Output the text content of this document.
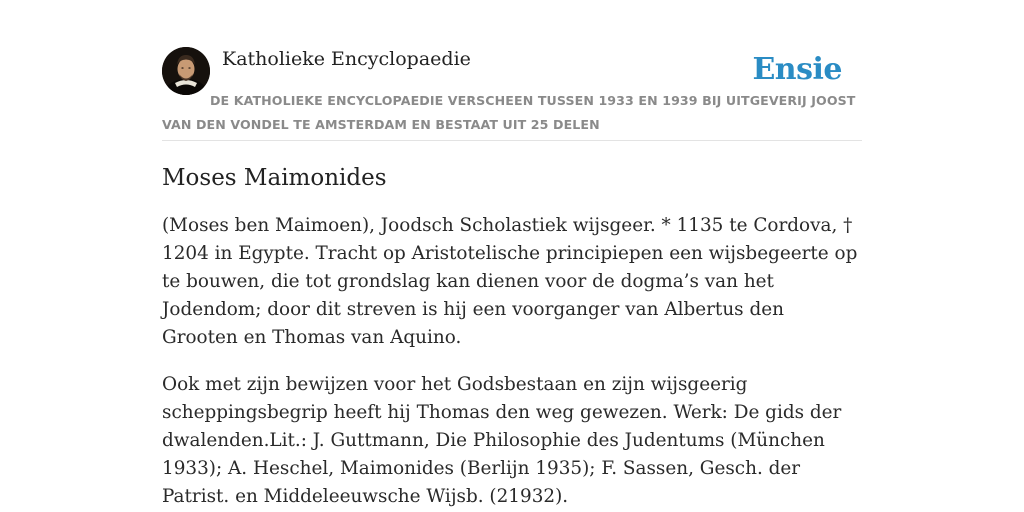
Katholieke Encyclopaedie	Ensie

DE KATHOLIEKE ENCYCLOPAEDIE VERSCHEEN TUSSEN 1933 EN 1939 BIJ UITGEVERIJ JOOST VAN DEN VONDEL TE AMSTERDAM EN BESTAAT UIT 25 DELEN

Moses Maimonides

(Moses ben Maimoen), Joodsch Scholastiek wijsgeer. * 1135 te Cordova, † 1204 in Egypte. Tracht op Aristotelische principiepen een wijsbegeerte op te bouwen, die tot grondslag kan dienen voor de dogma’s van het Jodendom; door dit streven is hij een voorganger van Albertus den Grooten en Thomas van Aquino.

Ook met zijn bewijzen voor het Godsbestaan en zijn wijsgeerig scheppingsbegrip heeft hij Thomas den weg gewezen. Werk: De gids der dwalenden.Lit.: J. Guttmann, Die Philosophie des Judentums (München 1933); A. Heschel, Maimonides (Berlijn 1935); F. Sassen, Gesch. der Patrist. en Middeleeuwsche Wijsb. (21932).
